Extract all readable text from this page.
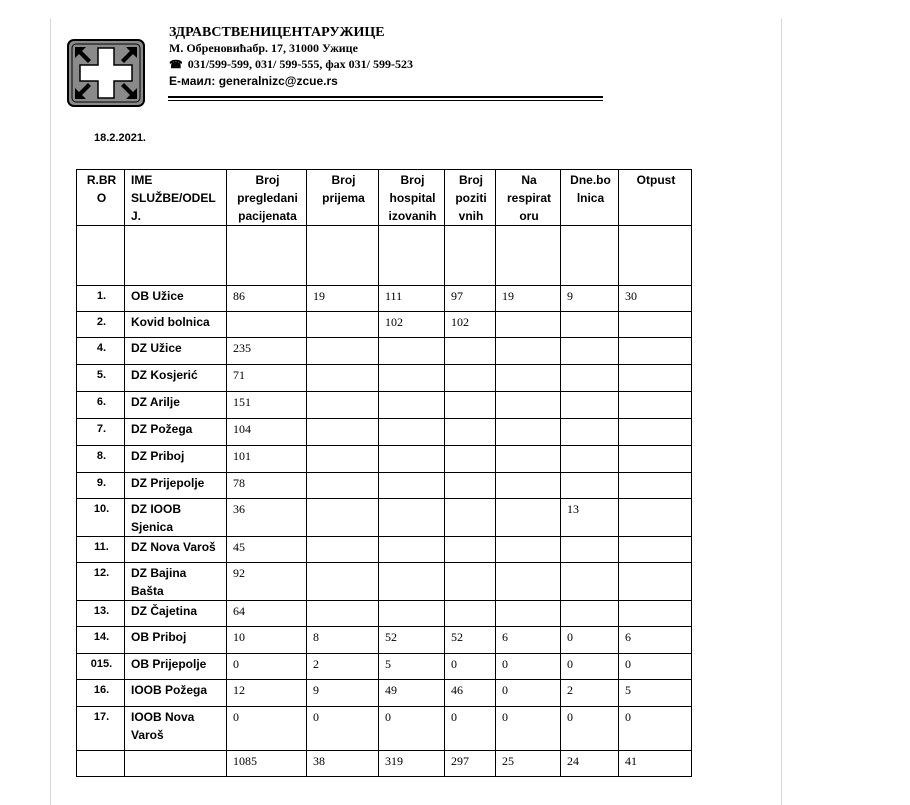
ЗДРАВСТВЕНИЦЕНТАРУЖИЦЕ
М. Обреновићабр. 17, 31000 Ужице
☎ 031/599-599, 031/ 599-555, фах 031/ 599-523
E-маил: generalnizc@zcue.rs
18.2.2021.
R.BR O	IME SLUŽBE/ODEL J.	Broj pregledani pacijenata	Broj prijema	Broj hospital izovanih	Broj poziti vnih	Na respirat oru	Dne.bo lnica	Otpust

1.	OB Užice	86	19	111	97	19	9	30
2.	Kovid bolnica			102	102			
4.	DZ Užice	235						
5.	DZ Kosjerić	71						
6.	DZ Arilje	151						
7.	DZ Požega	104						
8.	DZ Priboj	101						
9.	DZ Prijepolje	78						
10.	DZ IOOB Sjenica	36					13	
11.	DZ Nova Varoš	45						
12.	DZ Bajina Bašta	92						
13.	DZ Čajetina	64						
14.	OB Priboj	10	8	52	52	6	0	6
015.	OB Prijepolje	0	2	5	0	0	0	0
16.	IOOB Požega	12	9	49	46	0	2	5
17.	IOOB Nova Varoš	0	0	0	0	0	0	0
		1085	38	319	297	25	24	41
